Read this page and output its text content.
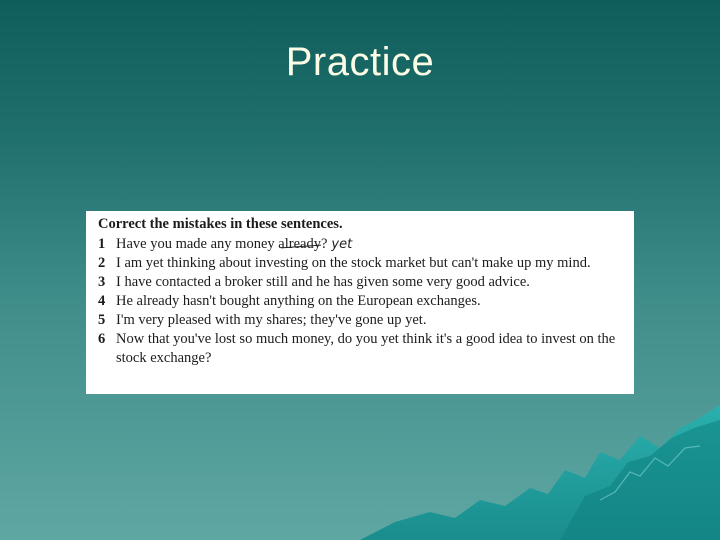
Practice
Correct the mistakes in these sentences.
1 Have you made any money already? yet
2 I am yet thinking about investing on the stock market but can't make up my mind.
3 I have contacted a broker still and he has given some very good advice.
4 He already hasn't bought anything on the European exchanges.
5 I'm very pleased with my shares; they've gone up yet.
6 Now that you've lost so much money, do you yet think it's a good idea to invest on the stock exchange?
